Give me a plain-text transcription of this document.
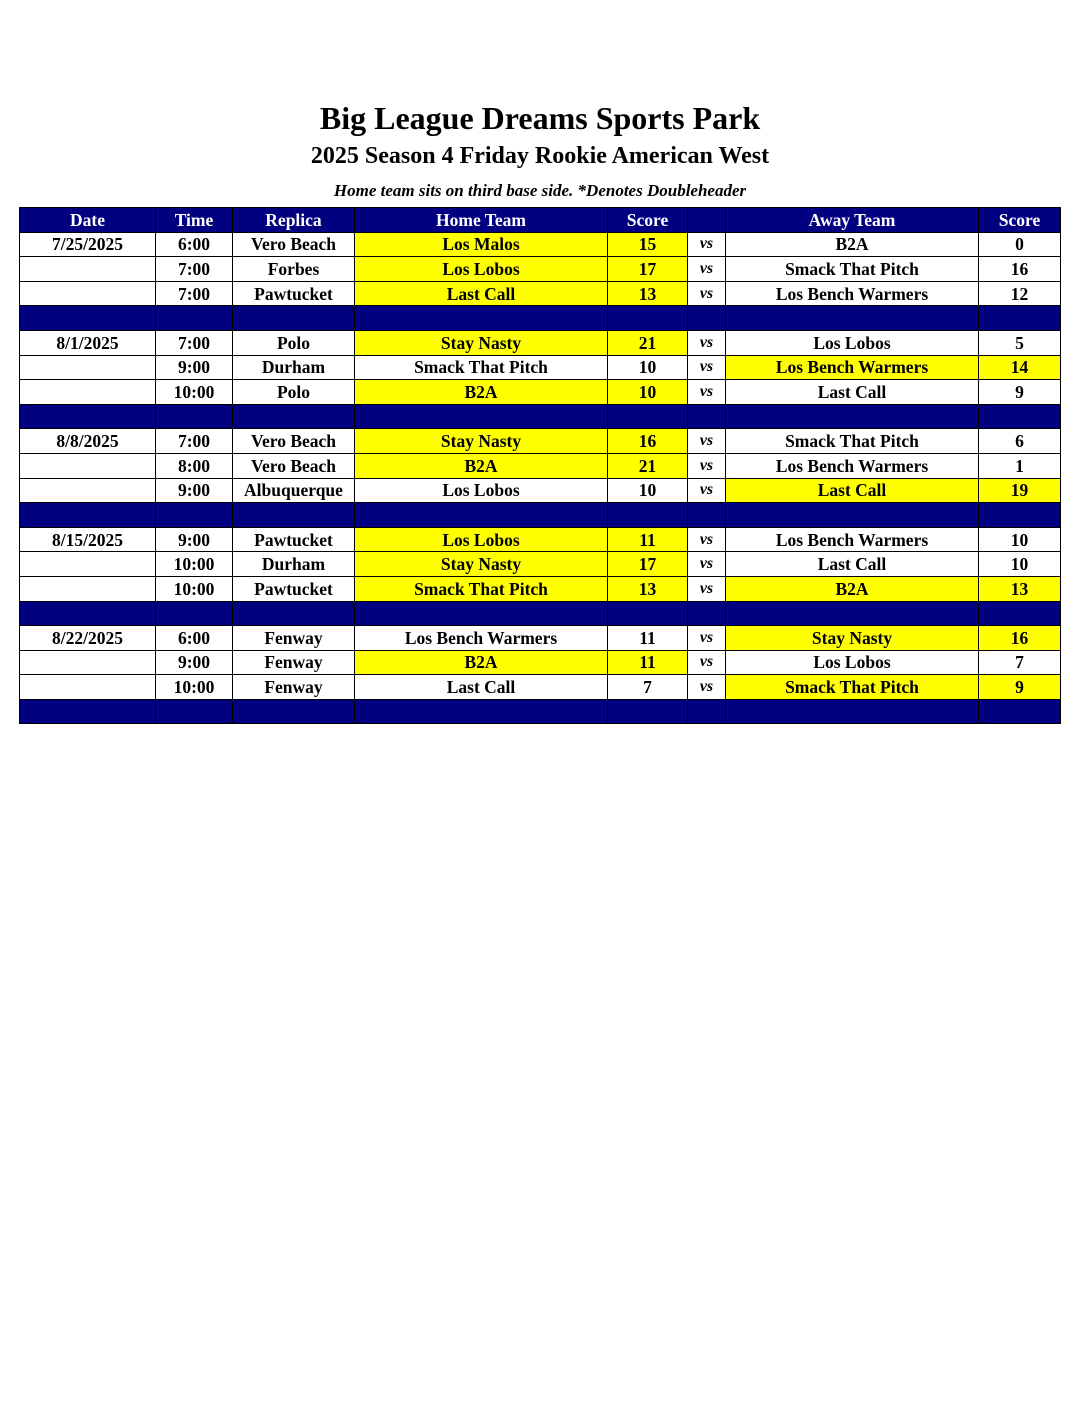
Big League Dreams Sports Park
2025 Season 4 Friday Rookie American West
Home team sits on third base side. *Denotes Doubleheader
Date	Time	Replica	Home Team	Score		Away Team	Score
7/25/2025	6:00	Vero Beach	Los Malos	15	vs	B2A	0
	7:00	Forbes	Los Lobos	17	vs	Smack That Pitch	16
	7:00	Pawtucket	Last Call	13	vs	Los Bench Warmers	12

8/1/2025	7:00	Polo	Stay Nasty	21	vs	Los Lobos	5
	9:00	Durham	Smack That Pitch	10	vs	Los Bench Warmers	14
	10:00	Polo	B2A	10	vs	Last Call	9

8/8/2025	7:00	Vero Beach	Stay Nasty	16	vs	Smack That Pitch	6
	8:00	Vero Beach	B2A	21	vs	Los Bench Warmers	1
	9:00	Albuquerque	Los Lobos	10	vs	Last Call	19

8/15/2025	9:00	Pawtucket	Los Lobos	11	vs	Los Bench Warmers	10
	10:00	Durham	Stay Nasty	17	vs	Last Call	10
	10:00	Pawtucket	Smack That Pitch	13	vs	B2A	13

8/22/2025	6:00	Fenway	Los Bench Warmers	11	vs	Stay Nasty	16
	9:00	Fenway	B2A	11	vs	Los Lobos	7
	10:00	Fenway	Last Call	7	vs	Smack That Pitch	9
